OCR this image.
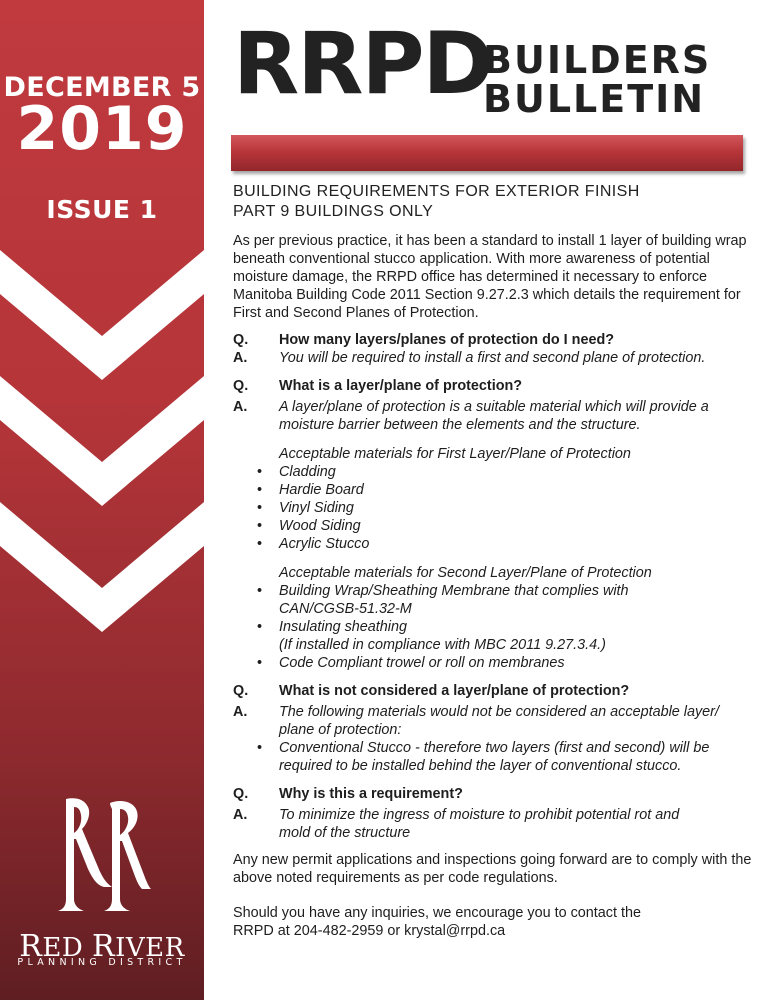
DECEMBER 5
2019
ISSUE 1
RED RIVER
PLANNING DISTRICT
RRPD
BUILDERS
BULLETIN
BUILDING REQUIREMENTS FOR EXTERIOR FINISH
PART 9 BUILDINGS ONLY

As per previous practice, it has been a standard to install 1 layer of building wrap beneath conventional stucco application. With more awareness of potential moisture damage, the RRPD office has determined it necessary to enforce Manitoba Building Code 2011 Section 9.27.2.3 which details the requirement for First and Second Planes of Protection.

Q.	How many layers/planes of protection do I need?
A.	You will be required to install a first and second plane of protection.
Q.	What is a layer/plane of protection?
A.	A layer/plane of protection is a suitable material which will provide a moisture barrier between the elements and the structure.
Acceptable materials for First Layer/Plane of Protection
• Cladding
• Hardie Board
• Vinyl Siding
• Wood Siding
• Acrylic Stucco
Acceptable materials for Second Layer/Plane of Protection
• Building Wrap/Sheathing Membrane that complies with
CAN/CGSB-51.32-M
• Insulating sheathing
(If installed in compliance with MBC 2011 9.27.3.4.)
• Code Compliant trowel or roll on membranes
Q.	What is not considered a layer/plane of protection?
A.	The following materials would not be considered an acceptable layer/ plane of protection:
• Conventional Stucco - therefore two layers (first and second) will be required to be installed behind the layer of conventional stucco.
Q.	Why is this a requirement?
A.	To minimize the ingress of moisture to prohibit potential rot and mold of the structure

Any new permit applications and inspections going forward are to comply with the above noted requirements as per code regulations.

Should you have any inquiries, we encourage you to contact the RRPD at 204-482-2959 or krystal@rrpd.ca
